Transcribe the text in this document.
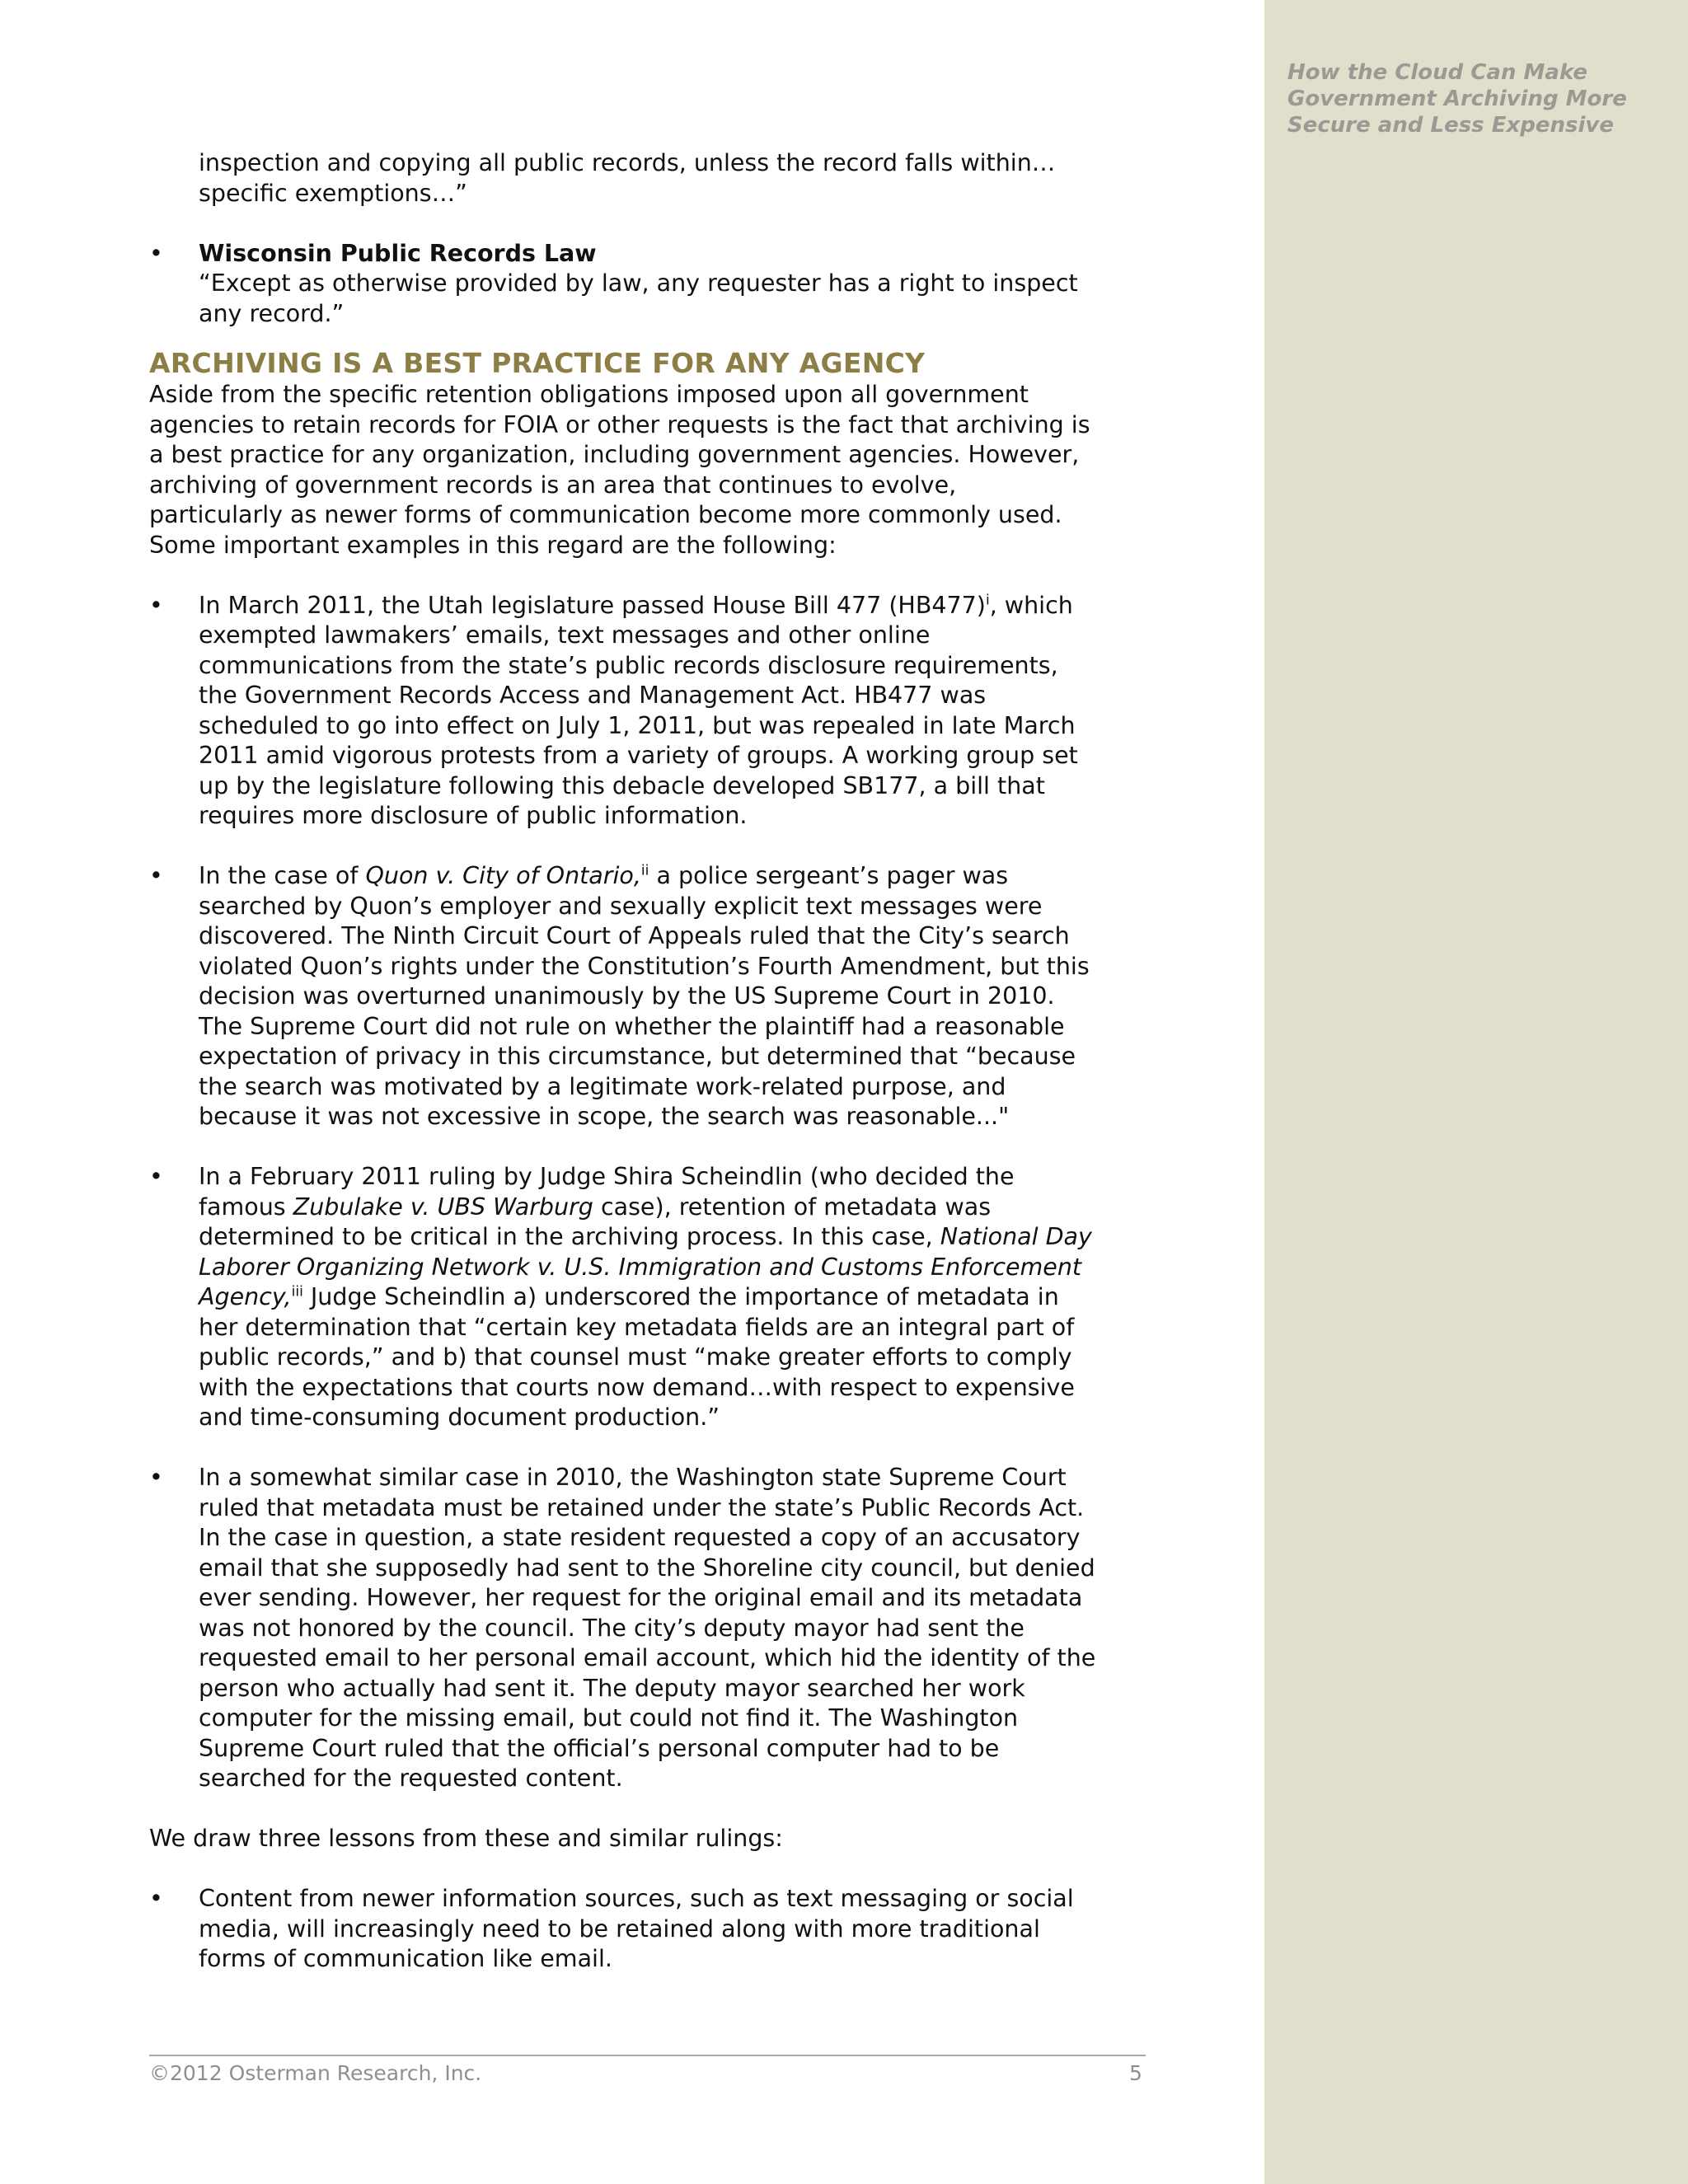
How the Cloud Can Make
Government Archiving More
Secure and Less Expensive

inspection and copying all public records, unless the record falls within…specific exemptions…”

• Wisconsin Public Records Law
“Except as otherwise provided by law, any requester has a right to inspect any record.”
ARCHIVING IS A BEST PRACTICE FOR ANY AGENCY

Aside from the specific retention obligations imposed upon all government agencies to retain records for FOIA or other requests is the fact that archiving is a best practice for any organization, including government agencies. However, archiving of government records is an area that continues to evolve, particularly as newer forms of communication become more commonly used. Some important examples in this regard are the following:

• In March 2011, the Utah legislature passed House Bill 477 $(HB477)^i$, which exempted lawmakers’ emails, text messages and other online communications from the state’s public records disclosure requirements, the Government Records Access and Management Act. HB477 was scheduled to go into effect on July 1, 2011, but was repealed in late March 2011 amid vigorous protests from a variety of groups. A working group set up by the legislature following this debacle developed SB177, a bill that requires more disclosure of public information.
• In the case of Quon v. City of Ontario,$^{ii}$ a police sergeant’s pager was searched by Quon’s employer and sexually explicit text messages were discovered. The Ninth Circuit Court of Appeals ruled that the City’s search violated Quon’s rights under the Constitution’s Fourth Amendment, but this decision was overturned unanimously by the US Supreme Court in 2010. The Supreme Court did not rule on whether the plaintiff had a reasonable expectation of privacy in this circumstance, but determined that “because the search was motivated by a legitimate work-related purpose, and because it was not excessive in scope, the search was reasonable..."
• In a February 2011 ruling by Judge Shira Scheindlin (who decided the famous Zubulake v. UBS Warburg case), retention of metadata was determined to be critical in the archiving process. In this case, National Day Laborer Organizing Network v. U.S. Immigration and Customs Enforcement Agency,$^{iii}$ Judge Scheindlin a) underscored the importance of metadata in her determination that “certain key metadata fields are an integral part of public records,” and b) that counsel must “make greater efforts to comply with the expectations that courts now demand…with respect to expensive and time-consuming document production.”
• In a somewhat similar case in 2010, the Washington state Supreme Court ruled that metadata must be retained under the state’s Public Records Act. In the case in question, a state resident requested a copy of an accusatory email that she supposedly had sent to the Shoreline city council, but denied ever sending. However, her request for the original email and its metadata was not honored by the council. The city’s deputy mayor had sent the requested email to her personal email account, which hid the identity of the person who actually had sent it. The deputy mayor searched her work computer for the missing email, but could not find it. The Washington Supreme Court ruled that the official’s personal computer had to be searched for the requested content.

We draw three lessons from these and similar rulings:

• Content from newer information sources, such as text messaging or social media, will increasingly need to be retained along with more traditional forms of communication like email.
©2012 Osterman Research, Inc.	5
